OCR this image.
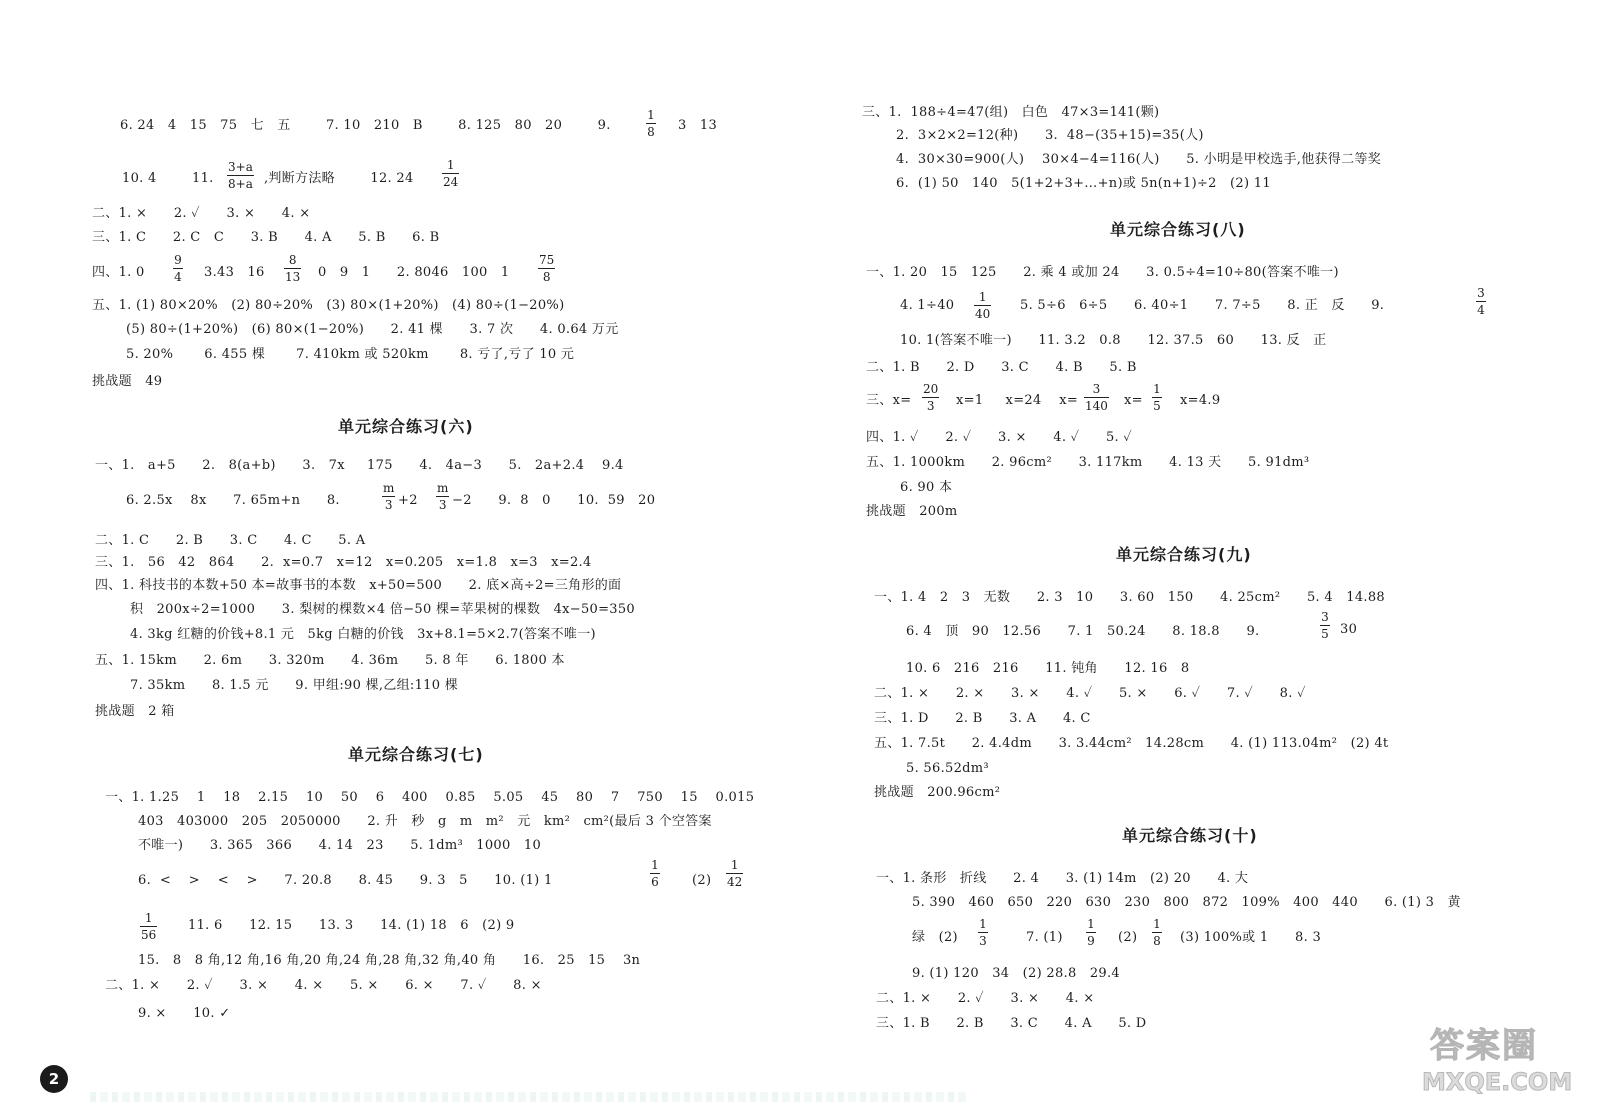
6. 24   4   15   75   七   五        7. 10   210   B        8. 125   80   20        9.
1
8 3   13
10. 4        11.
3+a
8+a ,判断方法略        12. 24
1
24
二、1. ×      2. ✓      3. ×      4. ×
三、1. C      2. C   C      3. B      4. A      5. B      6. B
四、1. 0
9
4 3.43   16
8
13 0   9   1      2. 8046   100   1
75
8
五、1. (1) 80×20%   (2) 80÷20%   (3) 80×(1+20%)   (4) 80÷(1−20%)
(5) 80÷(1+20%)   (6) 80×(1−20%)      2. 41 棵      3. 7 次      4. 0.64 万元
5. 20%       6. 455 棵       7. 410km 或 520km       8. 亏了,亏了 10 元
挑战题   49
单元综合练习(六)
一、1.   a+5      2.   8(a+b)      3.   7x     175      4.   4a−3      5.   2a+2.4    9.4
6. 2.5x    8x      7. 65m+n      8.
m
3 +2
m
3 −2      9.  8   0      10.  59   20
二、1. C      2. B      3. C      4. C      5. A
三、1.   56   42   864      2.  x=0.7   x=12   x=0.205   x=1.8   x=3   x=2.4
四、1. 科技书的本数+50 本=故事书的本数   x+50=500      2. 底×高÷2=三角形的面
积   200x÷2=1000      3. 梨树的棵数×4 倍−50 棵=苹果树的棵数   4x−50=350
4. 3kg 红糖的价钱+8.1 元   5kg 白糖的价钱   3x+8.1=5×2.7(答案不唯一)
五、1. 15km      2. 6m      3. 320m      4. 36m      5. 8 年      6. 1800 本
7. 35km      8. 1.5 元      9. 甲组:90 棵,乙组:110 棵
挑战题   2 箱
单元综合练习(七)
一、1. 1.25    1    18    2.15    10    50    6    400    0.85    5.05    45    80    7    750    15    0.015
403   403000   205   2050000      2. 升   秒   g   m   m²   元   km²   cm²(最后 3 个空答案
不唯一)      3. 365   366      4. 14   23      5. 1dm³   1000   10
6.  <    >    <    >      7. 20.8      8. 45      9. 3   5      10. (1) 1
1
6	(2)
1
42
1
56
11. 6      12. 15      13. 3      14. (1) 18   6   (2) 9
15.   8   8 角,12 角,16 角,20 角,24 角,28 角,32 角,40 角      16.   25   15    3n
二、1. ×      2. ✓      3. ×      4. ×      5. ×      6. ×      7. ✓      8. ×
9. ×      10. ✓
三、1.  188÷4=47(组)   白色   47×3=141(颗)
2.  3×2×2=12(种)      3.  48−(35+15)=35(人)
4.  30×30=900(人)    30×4−4=116(人)      5. 小明是甲校选手,他获得二等奖
6.  (1) 50   140   5(1+2+3+…+n)或 5n(n+1)÷2   (2) 11
单元综合练习(八)
一、1. 20   15   125      2. 乘 4 或加 24      3. 0.5÷4=10÷80(答案不唯一)
4. 1÷40
1
40
5. 5÷6   6÷5      6. 40÷1      7. 7÷5      8. 正   反      9.
3
4
10. 1(答案不唯一)      11. 3.2   0.8      12. 37.5   60      13. 反   正
二、1. B      2. D      3. C      4. B      5. B
三、x=
20
3 x=1     x=24    x=
3
140 x=
1
5 x=4.9
四、1. ✓      2. ✓      3. ×      4. ✓      5. ✓
五、1. 1000km      2. 96cm²      3. 117km      4. 13 天      5. 91dm³
6. 90 本
挑战题   200m
单元综合练习(九)
一、1. 4   2   3   无数      2. 3   10      3. 60   150      4. 25cm²      5. 4   14.88
6. 4   顶   90   12.56      7. 1   50.24      8. 18.8      9.
3
5 30
10. 6   216   216      11. 钝角      12. 16   8
二、1. ×      2. ×      3. ×      4. ✓      5. ×      6. ✓      7. ✓      8. ✓
三、1. D      2. B      3. A      4. C
五、1. 7.5t      2. 4.4dm      3. 3.44cm²   14.28cm      4. (1) 113.04m²   (2) 4t
5. 56.52dm³
挑战题   200.96cm²
单元综合练习(十)
一、1. 条形   折线      2. 4      3. (1) 14m   (2) 20      4. 大
5. 390   460   650   220   630   230   800   872   109%   400   440      6. (1) 3   黄
绿   (2)
1
3	7. (1)
1
9 (2)
1
8 (3) 100%或 1      8. 3
9. (1) 120   34   (2) 28.8   29.4
二、1. ×      2. ✓      3. ×      4. ×
三、1. B      2. B      3. C      4. A      5. D
2
答案圈
MXQE.COM
